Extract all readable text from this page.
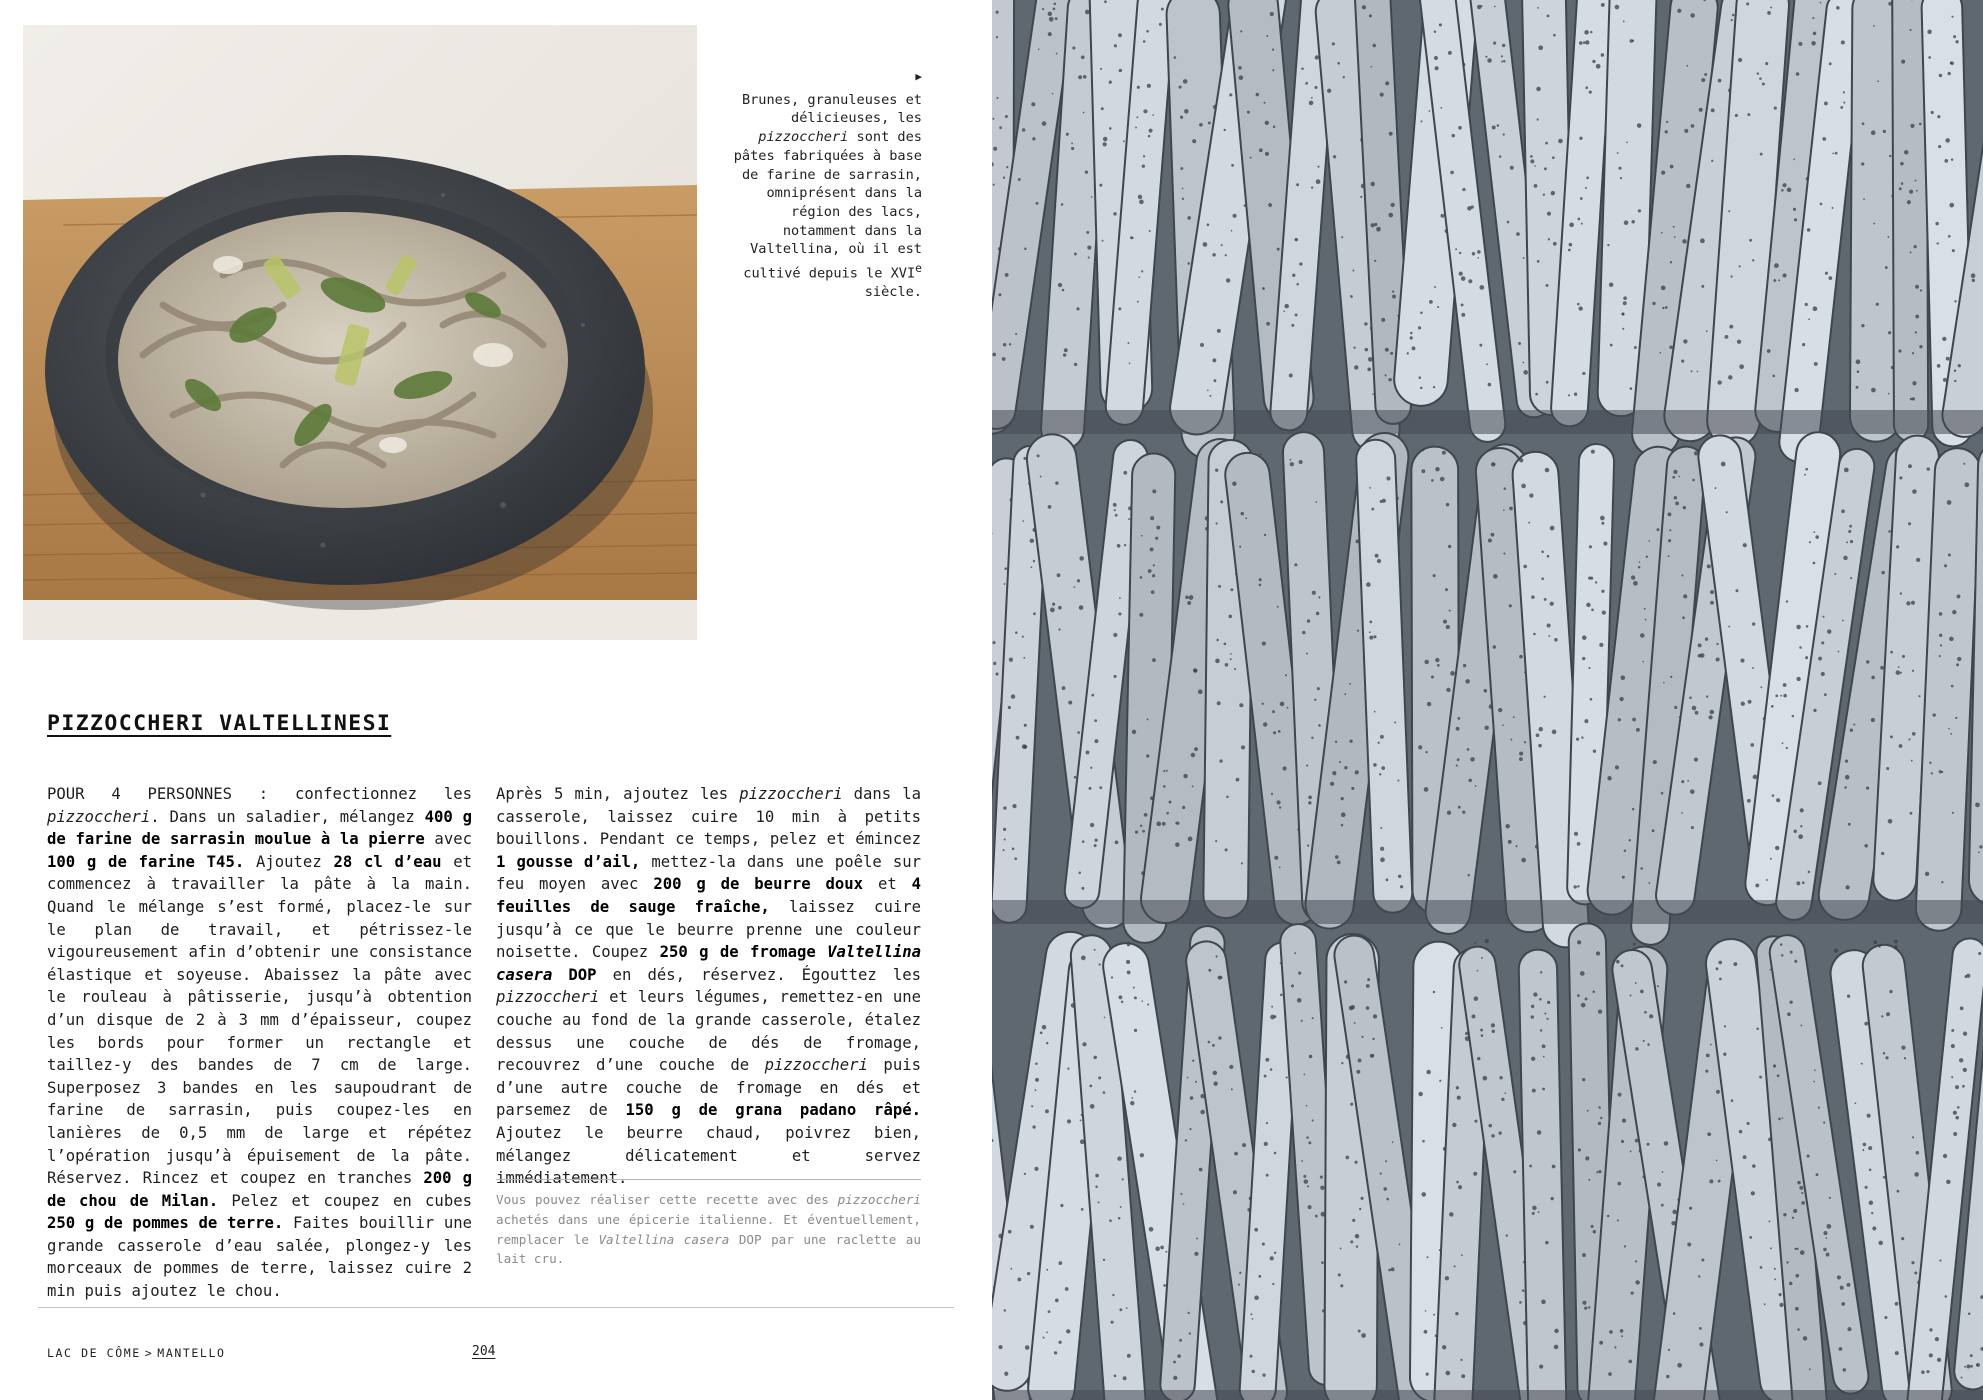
▶
Brunes, granuleuses et délicieuses, les pizzoccheri sont des pâtes fabriquées à base de farine de sarrasin, omniprésent dans la région des lacs, notamment dans la Valtellina, où il est cultivé depuis le XVIe siècle.
PIZZOCCHERI VALTELLINESI
POUR 4 PERSONNES : confectionnez les pizzoccheri. Dans un saladier, mélangez 400 g de farine de sarrasin moulue à la pierre avec 100 g de farine T45. Ajoutez 28 cl d’eau et commencez à travailler la pâte à la main. Quand le mélange s’est formé, placez-le sur le plan de travail, et pétrissez-le vigoureusement afin d’obtenir une consistance élastique et soyeuse. Abaissez la pâte avec le rouleau à pâtisserie, jusqu’à obtention d’un disque de 2 à 3 mm d’épaisseur, coupez les bords pour former un rectangle et taillez-y des bandes de 7 cm de large. Superposez 3 bandes en les saupoudrant de farine de sarrasin, puis coupez-les en lanières de 0,5 mm de large et répétez l’opération jusqu’à épuisement de la pâte. Réservez. Rincez et coupez en tranches 200 g de chou de Milan. Pelez et coupez en cubes 250 g de pommes de terre. Faites bouillir une grande casserole d’eau salée, plongez-y les morceaux de pommes de terre, laissez cuire 2 min puis ajoutez le chou.
Après 5 min, ajoutez les pizzoccheri dans la casserole, laissez cuire 10 min à petits bouillons. Pendant ce temps, pelez et émincez 1 gousse d’ail, mettez-la dans une poêle sur feu moyen avec 200 g de beurre doux et 4 feuilles de sauge fraîche, laissez cuire jusqu’à ce que le beurre prenne une couleur noisette. Coupez 250 g de fromage Valtellina casera DOP en dés, réservez. Égouttez les pizzoccheri et leurs légumes, remettez-en une couche au fond de la grande casserole, étalez dessus une couche de dés de fromage, recouvrez d’une couche de pizzoccheri puis d’une autre couche de fromage en dés et parsemez de 150 g de grana padano râpé. Ajoutez le beurre chaud, poivrez bien, mélangez délicatement et servez immédiatement.
Vous pouvez réaliser cette recette avec des pizzoccheri achetés dans une épicerie italienne. Et éventuellement, remplacer le Valtellina casera DOP par une raclette au lait cru.
LAC DE CÔME > MANTELLO	204
